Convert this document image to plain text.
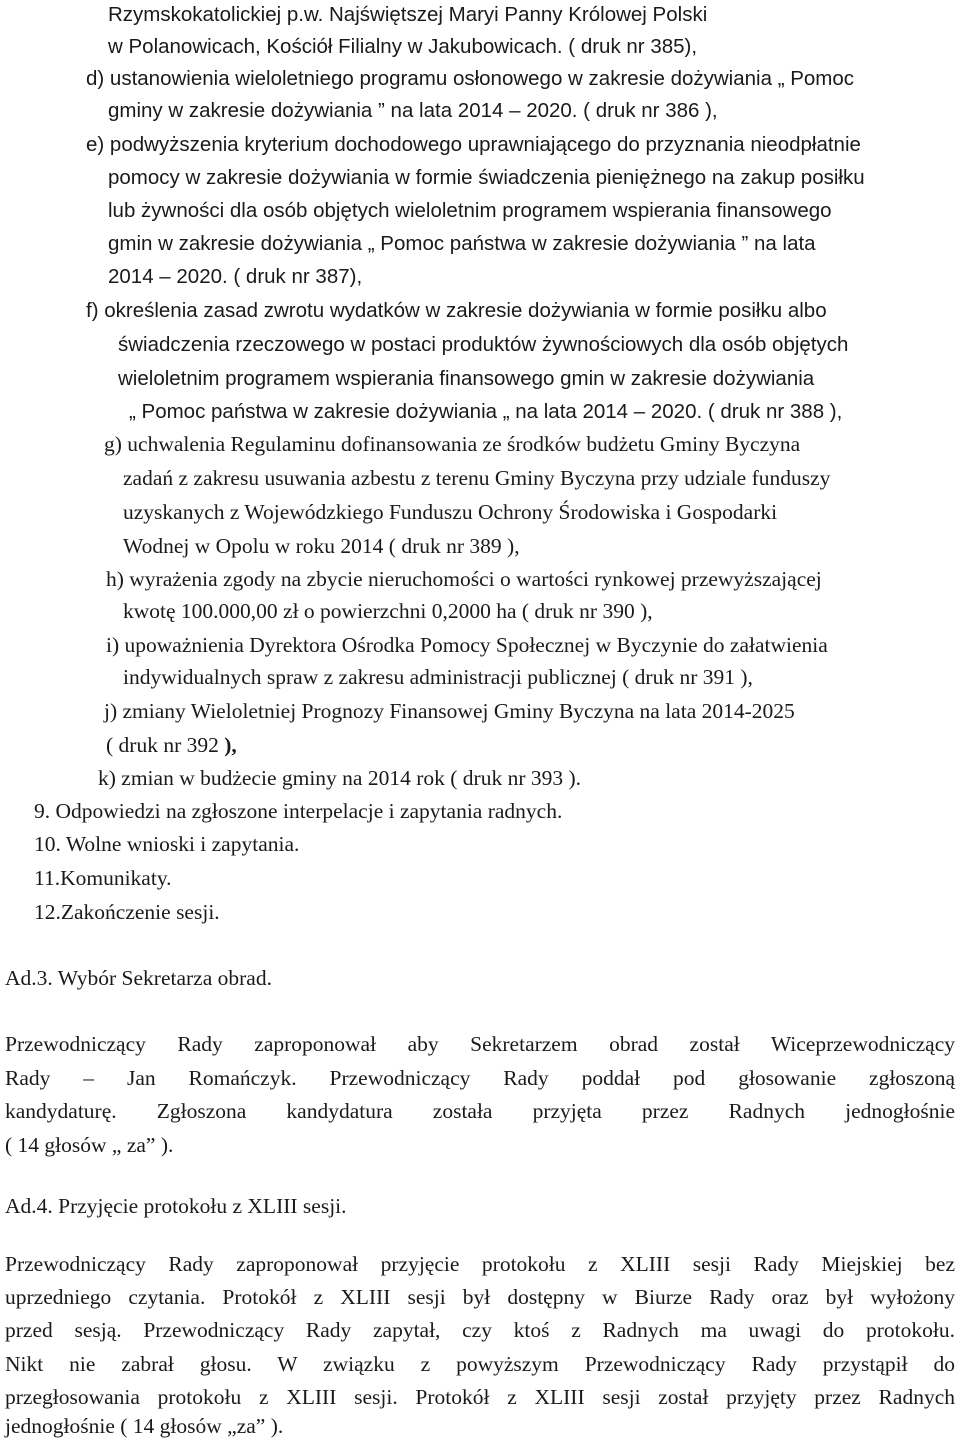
Rzymskokatolickiej p.w. Najświętszej Maryi Panny Królowej Polski
w Polanowicach, Kościół Filialny w Jakubowicach. ( druk nr 385),
d) ustanowienia wieloletniego programu osłonowego w zakresie dożywiania „ Pomoc
gminy w zakresie dożywiania ” na lata 2014 – 2020. ( druk nr 386 ),
e) podwyższenia kryterium dochodowego uprawniającego do przyznania nieodpłatnie
pomocy w zakresie dożywiania w formie świadczenia pieniężnego na zakup posiłku
lub żywności dla osób objętych wieloletnim programem wspierania finansowego
gmin w zakresie dożywiania „ Pomoc państwa w zakresie dożywiania ” na lata
2014 – 2020. ( druk nr 387),
f) określenia zasad zwrotu wydatków w zakresie dożywiania w formie posiłku albo
świadczenia rzeczowego w postaci produktów żywnościowych dla osób objętych
wieloletnim programem wspierania finansowego gmin w zakresie dożywiania
„ Pomoc państwa w zakresie dożywiania „ na lata 2014 – 2020. ( druk nr 388 ),
g) uchwalenia Regulaminu dofinansowania ze środków budżetu Gminy Byczyna
zadań z zakresu usuwania azbestu z terenu Gminy Byczyna przy udziale funduszy
uzyskanych z Wojewódzkiego Funduszu Ochrony Środowiska i Gospodarki
Wodnej w Opolu w roku 2014 ( druk nr 389 ),
h) wyrażenia zgody na zbycie nieruchomości o wartości rynkowej przewyższającej
kwotę 100.000,00 zł o powierzchni 0,2000 ha ( druk nr 390 ),
i) upoważnienia Dyrektora Ośrodka Pomocy Społecznej w Byczynie do załatwienia
indywidualnych spraw z zakresu administracji publicznej ( druk nr 391 ),
j) zmiany Wieloletniej Prognozy Finansowej Gminy Byczyna na lata 2014-2025
( druk nr 392 ),
k) zmian w budżecie gminy na 2014 rok ( druk nr 393 ).
9. Odpowiedzi na zgłoszone interpelacje i zapytania radnych.
10. Wolne wnioski i zapytania.
11.Komunikaty.
12.Zakończenie sesji.
Ad.3. Wybór Sekretarza obrad.
Przewodniczący Rady zaproponował aby Sekretarzem obrad został Wiceprzewodniczący
Rady – Jan Romańczyk. Przewodniczący Rady poddał pod głosowanie zgłoszoną
kandydaturę. Zgłoszona kandydatura została przyjęta przez Radnych jednogłośnie
( 14 głosów „ za” ).
Ad.4. Przyjęcie protokołu z XLIII sesji.
Przewodniczący Rady zaproponował przyjęcie protokołu z XLIII sesji Rady Miejskiej bez
uprzedniego czytania. Protokół z XLIII sesji był dostępny w Biurze Rady oraz był wyłożony
przed sesją. Przewodniczący Rady zapytał, czy ktoś z Radnych ma uwagi do protokołu.
Nikt nie zabrał głosu. W związku z powyższym Przewodniczący Rady przystąpił do
przegłosowania protokołu z XLIII sesji. Protokół z XLIII sesji został przyjęty przez Radnych
jednogłośnie ( 14 głosów „za” ).
